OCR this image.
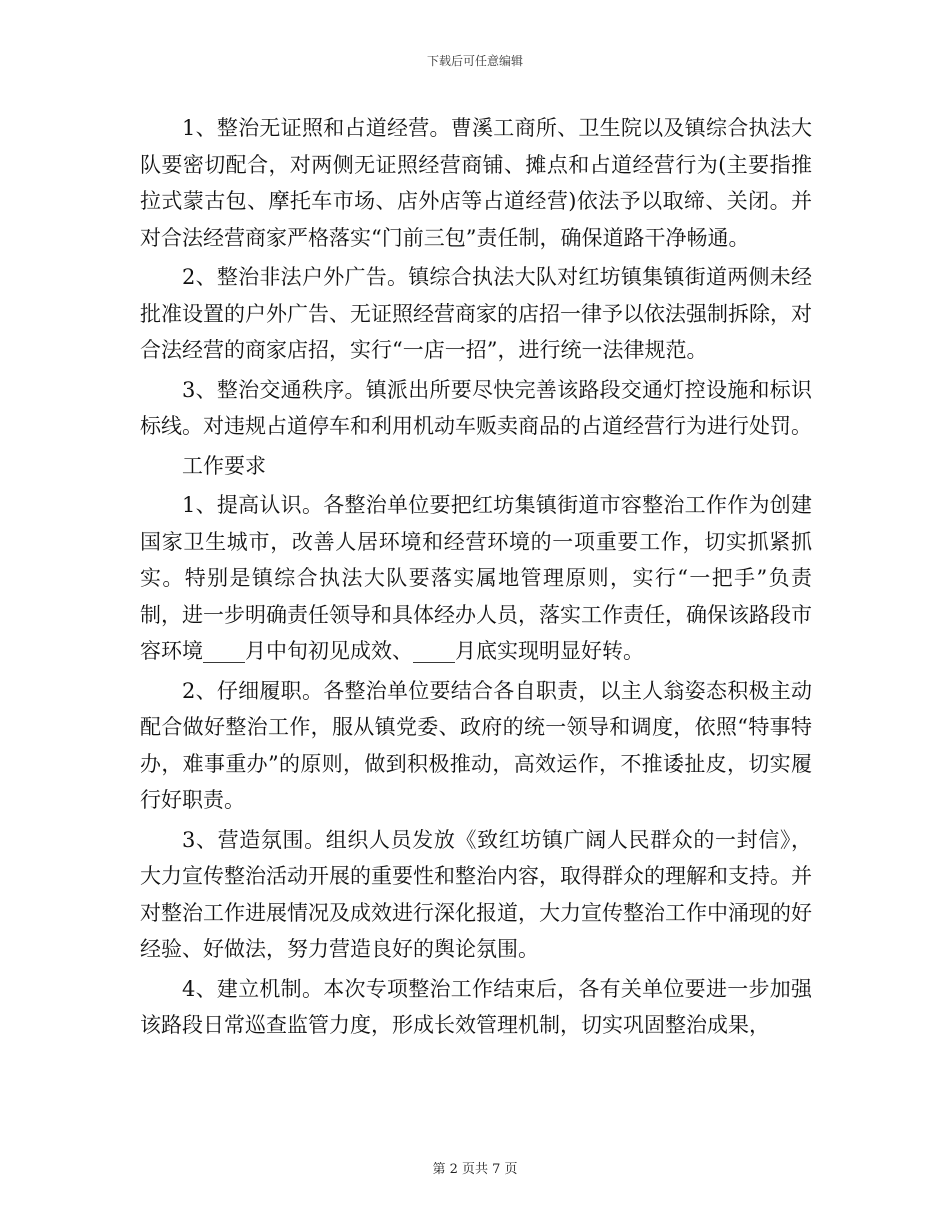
下载后可任意编辑

1、整治无证照和占道经营。曹溪工商所、卫生院以及镇综合执法大队要密切配合，对两侧无证照经营商铺、摊点和占道经营行为(主要指推拉式蒙古包、摩托车市场、店外店等占道经营)依法予以取缔、关闭。并对合法经营商家严格落实“门前三包”责任制，确保道路干净畅通。

2、整治非法户外广告。镇综合执法大队对红坊镇集镇街道两侧未经批准设置的户外广告、无证照经营商家的店招一律予以依法强制拆除，对合法经营的商家店招，实行“一店一招”，进行统一法律规范。

3、整治交通秩序。镇派出所要尽快完善该路段交通灯控设施和标识标线。对违规占道停车和利用机动车贩卖商品的占道经营行为进行处罚。

工作要求

1、提高认识。各整治单位要把红坊集镇街道市容整治工作作为创建国家卫生城市，改善人居环境和经营环境的一项重要工作，切实抓紧抓实。特别是镇综合执法大队要落实属地管理原则，实行“一把手”负责制，进一步明确责任领导和具体经办人员，落实工作责任，确保该路段市容环境____月中旬初见成效、____月底实现明显好转。

2、仔细履职。各整治单位要结合各自职责，以主人翁姿态积极主动配合做好整治工作，服从镇党委、政府的统一领导和调度，依照“特事特办，难事重办”的原则，做到积极推动，高效运作，不推诿扯皮，切实履行好职责。

3、营造氛围。组织人员发放《致红坊镇广阔人民群众的一封信》，大力宣传整治活动开展的重要性和整治内容，取得群众的理解和支持。并对整治工作进展情况及成效进行深化报道，大力宣传整治工作中涌现的好经验、好做法，努力营造良好的舆论氛围。

4、建立机制。本次专项整治工作结束后，各有关单位要进一步加强该路段日常巡查监管力度，形成长效管理机制，切实巩固整治成果，

第 2 页共 7 页
